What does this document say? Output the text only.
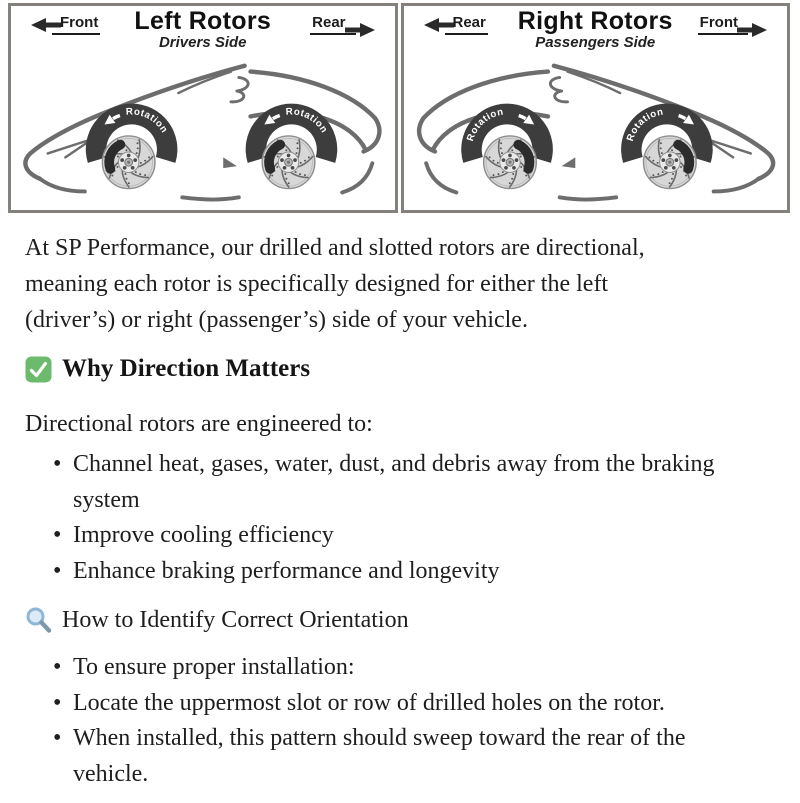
Front	Left Rotors
Drivers Side
Rear
Rotation
Rotation
Rear	Right Rotors
Passengers Side
Front
Rotation
Rotation

At SP Performance, our drilled and slotted rotors are directional,
meaning each rotor is specifically designed for either the left
(driver’s) or right (passenger’s) side of your vehicle.

Why Direction Matters

Directional rotors are engineered to:

• Channel heat, gases, water, dust, and debris away from the braking system
• Improve cooling efficiency
• Enhance braking performance and longevity
How to Identify Correct Orientation
• To ensure proper installation:
• Locate the uppermost slot or row of drilled holes on the rotor.
• When installed, this pattern should sweep toward the rear of the vehicle.
